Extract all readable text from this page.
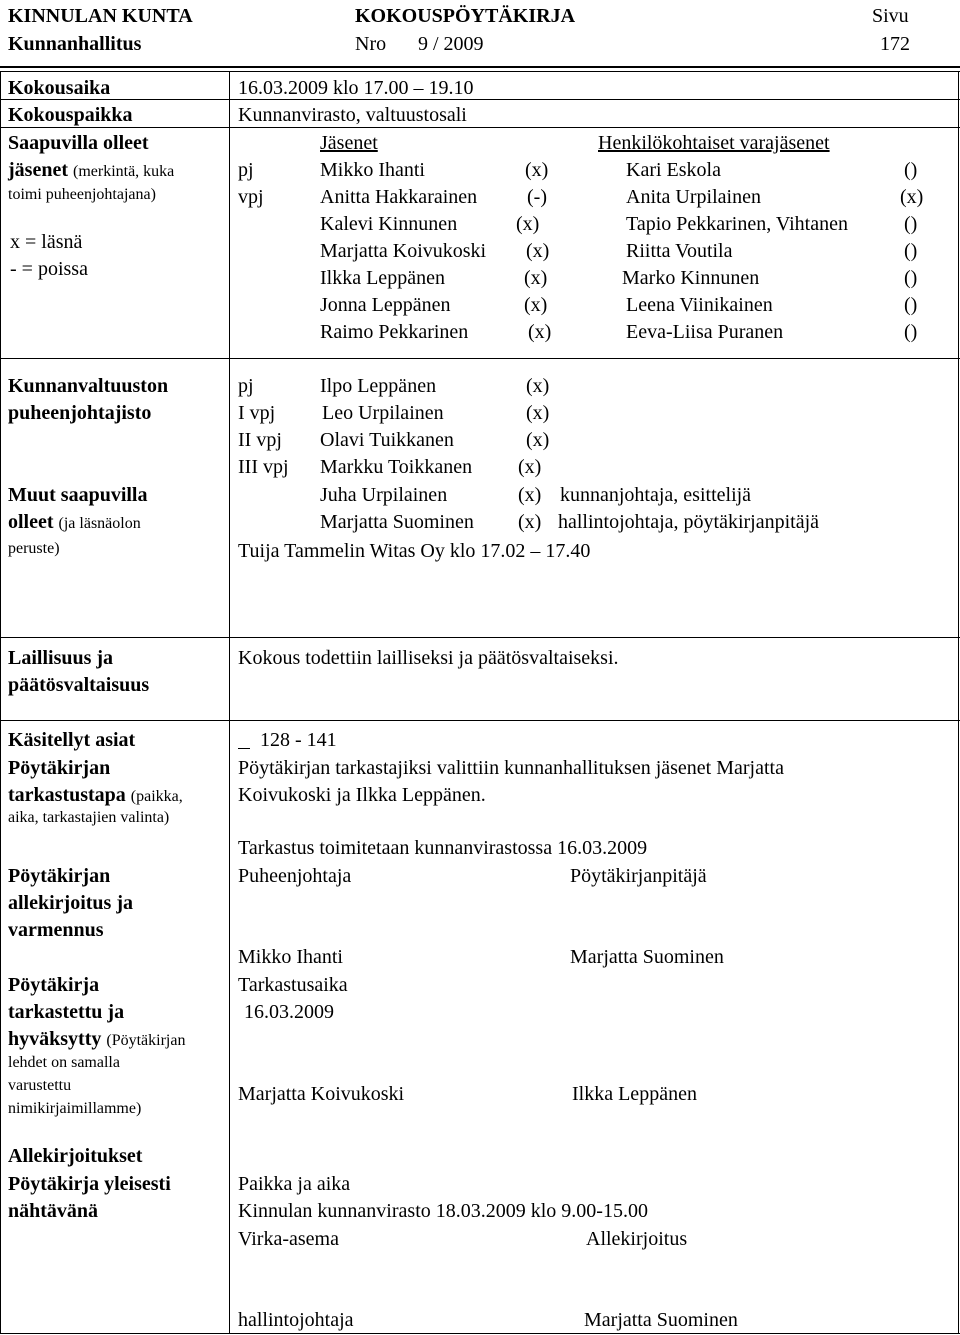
KINNULAN KUNTA
Kunnanhallitus
KOKOUSPÖYTÄKIRJA
Nro 9 / 2009
Sivu
172
Kokousaika	16.03.2009 klo 17.00 – 19.10
Kokouspaikka	Kunnanvirasto, valtuustosali
Saapuvilla olleet
jäsenet (merkintä, kuka
toimi puheenjohtajana)
x = läsnä
- = poissa
Jäsenet	Henkilökohtaiset varajäsenet
pj	Mikko Ihanti	(x)	Kari Eskola	()
vpj	Anitta Hakkarainen (-)	Anita Urpilainen	(x)
Kalevi Kinnunen	(x)	Tapio Pekkarinen, Vihtanen	()
Marjatta Koivukoski (x)	Riitta Voutila	()
Ilkka Leppänen	(x)	Marko Kinnunen	()
Jonna Leppänen	(x)	Leena Viinikainen	()
Raimo Pekkarinen	(x)	Eeva-Liisa Puranen	()
Kunnanvaltuuston
puheenjohtajisto
pj	Ilpo Leppänen	(x)
I vpj Leo Urpilainen	(x)
II vpj Olavi Tuikkanen	(x)
III vpj Markku Toikkanen (x)
Muut saapuvilla
olleet (ja läsnäolon
peruste)
Juha Urpilainen	(x) kunnanjohtaja, esittelijä
Marjatta Suominen (x) hallintojohtaja, pöytäkirjanpitäjä
Tuija Tammelin Witas Oy klo 17.02 – 17.40
Laillisuus ja
päätösvaltaisuus
Kokous todettiin lailliseksi ja päätösvaltaiseksi.
Käsitellyt asiat	128 - 141
Pöytäkirjan
tarkastustapa (paikka,
aika, tarkastajien valinta)
Pöytäkirjan tarkastajiksi valittiin kunnanhallituksen jäsenet Marjatta
Koivukoski ja Ilkka Leppänen.
Tarkastus toimitetaan kunnanvirastossa 16.03.2009
Pöytäkirjan
allekirjoitus ja
varmennus
Puheenjohtaja	Pöytäkirjanpitäjä
Mikko Ihanti	Marjatta Suominen
Pöytäkirja
tarkastettu ja
hyväksytty (Pöytäkirjan
lehdet on samalla
varustettu
nimikirjaimillamme)
Tarkastusaika
16.03.2009
Marjatta Koivukoski	Ilkka Leppänen
Allekirjoitukset
Pöytäkirja yleisesti
nähtävänä
Paikka ja aika
Kinnulan kunnanvirasto 18.03.2009 klo 9.00-15.00
Virka-asema	Allekirjoitus
hallintojohtaja	Marjatta Suominen
